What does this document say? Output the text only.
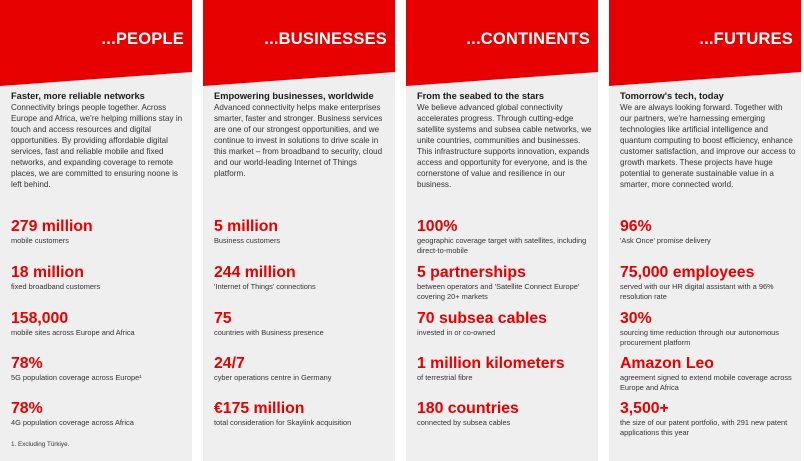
...PEOPLE
Faster, more reliable networks
Connectivity brings people together. Across Europe and Africa, we're helping millions stay in touch and access resources and digital opportunities. By providing affordable digital services, fast and reliable mobile and fixed networks, and expanding coverage to remote places, we are committed to ensuring noone is left behind.
279 million
mobile customers
18 million
fixed broadband customers
158,000
mobile sites across Europe and Africa
78%
5G population coverage across Europe¹
78%
4G population coverage across Africa
1. Excluding Türkiye.
...BUSINESSES
Empowering businesses, worldwide
Advanced connectivity helps make enterprises smarter, faster and stronger. Business services are one of our strongest opportunities, and we continue to invest in solutions to drive scale in this market – from broadband to security, cloud and our world-leading Internet of Things platform.
5 million
Business customers
244 million
'Internet of Things' connections
75
countries with Business presence
24/7
cyber operations centre in Germany
€175 million
total consideration for Skaylink acquisition
...CONTINENTS
From the seabed to the stars
We believe advanced global connectivity accelerates progress. Through cutting-edge satellite systems and subsea cable networks, we unite countries, communities and businesses. This infrastructure supports innovation, expands access and opportunity for everyone, and is the cornerstone of value and resilience in our business.
100%
geographic coverage target with satellites, including direct-to-mobile
5 partnerships
between operators and 'Satellite Connect Europe' covering 20+ markets
70 subsea cables
invested in or co-owned
1 million kilometers
of terrestrial fibre
180 countries
connected by subsea cables
...FUTURES
Tomorrow's tech, today
We are always looking forward. Together with our partners, we're harnessing emerging technologies like artificial intelligence and quantum computing to boost efficiency, enhance customer satisfaction, and improve our access to growth markets. These projects have huge potential to generate sustainable value in a smarter, more connected world.
96%
'Ask Once' promise delivery
75,000 employees
served with our HR digital assistant with a 96% resolution rate
30%
sourcing time reduction through our autonomous procurement platform
Amazon Leo
agreement signed to extend mobile coverage across Europe and Africa
3,500+
the size of our patent portfolio, with 291 new patent applications this year
